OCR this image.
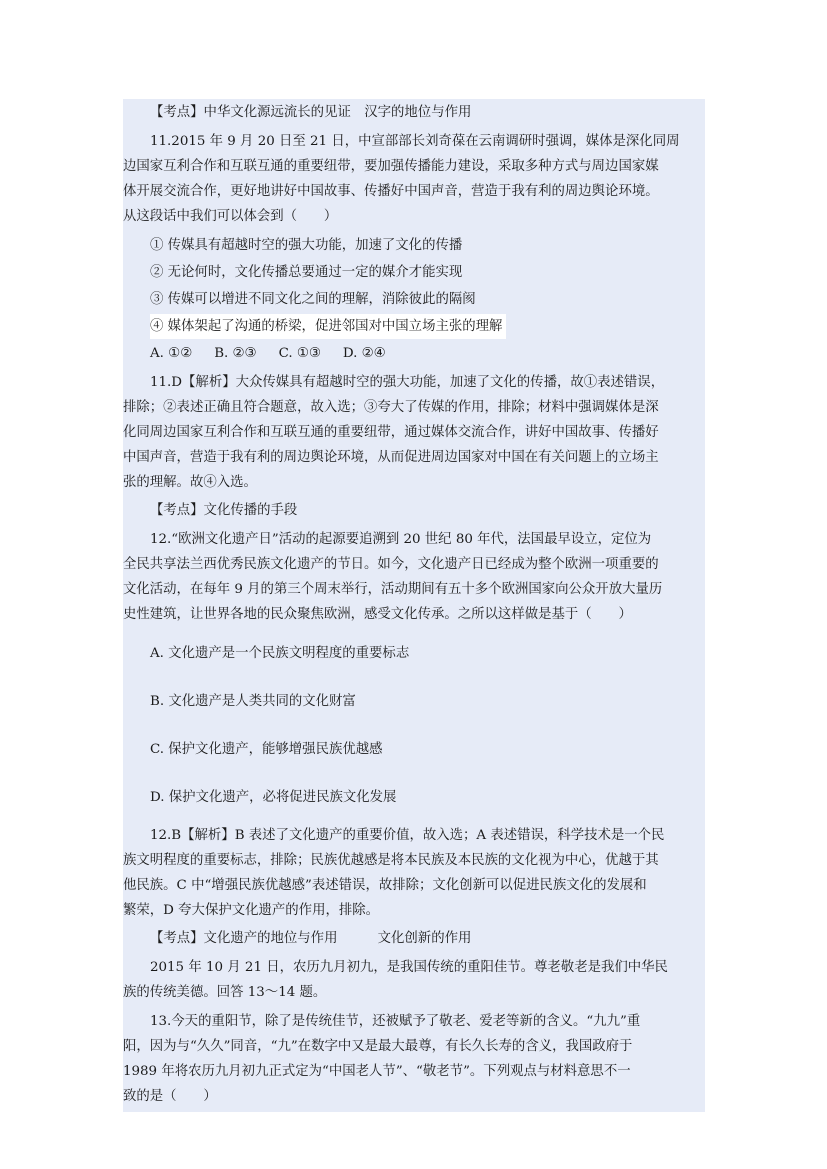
【考点】中华文化源远流长的见证　汉字的地位与作用
11.2015 年 9 月 20 日至 21 日，中宣部部长刘奇葆在云南调研时强调，媒体是深化同周
边国家互利合作和互联互通的重要纽带，要加强传播能力建设，采取多种方式与周边国家媒
体开展交流合作，更好地讲好中国故事、传播好中国声音，营造于我有利的周边舆论环境。
从这段话中我们可以体会到（　　）
① 传媒具有超越时空的强大功能，加速了文化的传播
② 无论何时，文化传播总要通过一定的媒介才能实现
③ 传媒可以增进不同文化之间的理解，消除彼此的隔阂
④ 媒体架起了沟通的桥梁，促进邻国对中国立场主张的理解
A. ①② B. ②③ C. ①③ D. ②④
11.D【解析】大众传媒具有超越时空的强大功能，加速了文化的传播，故①表述错误，
排除；②表述正确且符合题意，故入选；③夸大了传媒的作用，排除；材料中强调媒体是深
化同周边国家互利合作和互联互通的重要纽带，通过媒体交流合作，讲好中国故事、传播好
中国声音，营造于我有利的周边舆论环境，从而促进周边国家对中国在有关问题上的立场主
张的理解。故④入选。
【考点】文化传播的手段
12.“欧洲文化遗产日”活动的起源要追溯到 20 世纪 80 年代，法国最早设立，定位为
全民共享法兰西优秀民族文化遗产的节日。如今，文化遗产日已经成为整个欧洲一项重要的
文化活动，在每年 9 月的第三个周末举行，活动期间有五十多个欧洲国家向公众开放大量历
史性建筑，让世界各地的民众聚焦欧洲，感受文化传承。之所以这样做是基于（　　）
A. 文化遗产是一个民族文明程度的重要标志
B. 文化遗产是人类共同的文化财富
C. 保护文化遗产，能够增强民族优越感
D. 保护文化遗产，必将促进民族文化发展
12.B【解析】B 表述了文化遗产的重要价值，故入选；A 表述错误，科学技术是一个民
族文明程度的重要标志，排除；民族优越感是将本民族及本民族的文化视为中心，优越于其
他民族。C 中“增强民族优越感”表述错误，故排除；文化创新可以促进民族文化的发展和
繁荣，D 夸大保护文化遗产的作用，排除。
【考点】文化遗产的地位与作用　　　文化创新的作用
2015 年 10 月 21 日，农历九月初九，是我国传统的重阳佳节。尊老敬老是我们中华民
族的传统美德。回答 13～14 题。
13.今天的重阳节，除了是传统佳节，还被赋予了敬老、爱老等新的含义。“九九”重
阳，因为与“久久”同音，“九”在数字中又是最大最尊，有长久长寿的含义，我国政府于
1989 年将农历九月初九正式定为“中国老人节”、“敬老节”。下列观点与材料意思不一
致的是（　　）
